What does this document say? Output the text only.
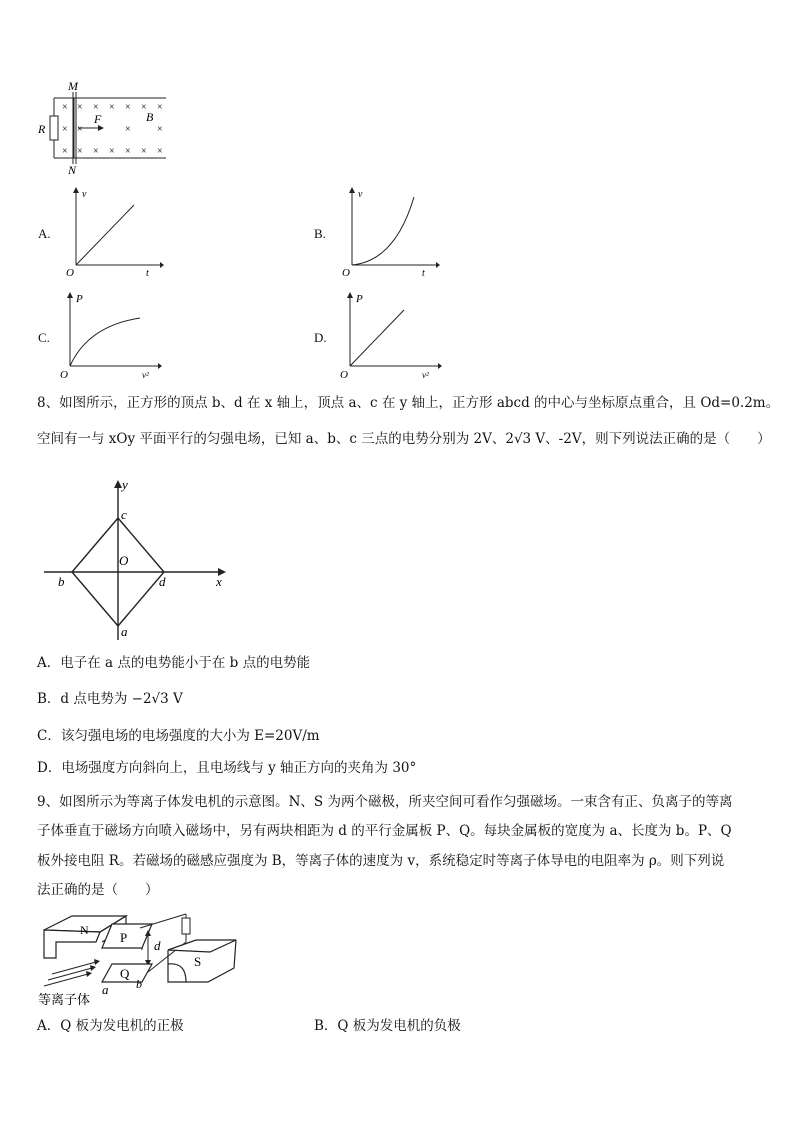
× × × × × ×
×	×	×
× × × × × ×
×
×
×
M
N
R
F	B
A.
v
t
O
B.
v
t
O
C.
P
v²
O
D.
P
v²
O
8、如图所示，正方形的顶点 b、d 在 x 轴上，顶点 a、c 在 y 轴上，正方形 abcd 的中心与坐标原点重合，且 Od=0.2m。
空间有一与 xOy 平面平行的匀强电场，已知 a、b、c 三点的电势分别为 2V、2√3 V、-2V，则下列说法正确的是（　　）
y
x
c
O
b	d
a
A．电子在 a 点的电势能小于在 b 点的电势能
B．d 点电势为 −2√3 V
C．该匀强电场的电场强度的大小为 E=20V/m
D．电场强度方向斜向上，且电场线与 y 轴正方向的夹角为 30°
9、如图所示为等离子体发电机的示意图。N、S 为两个磁极，所夹空间可看作匀强磁场。一束含有正、负离子的等离
子体垂直于磁场方向喷入磁场中，另有两块相距为 d 的平行金属板 P、Q。每块金属板的宽度为 a、长度为 b。P、Q
板外接电阻 R。若磁场的磁感应强度为 B，等离子体的速度为 v，系统稳定时等离子体导电的电阻率为 ρ。则下列说
法正确的是（　　）
N P
d
S
Q
a b
等离子体
A．Q 板为发电机的正极	B．Q 板为发电机的负极
